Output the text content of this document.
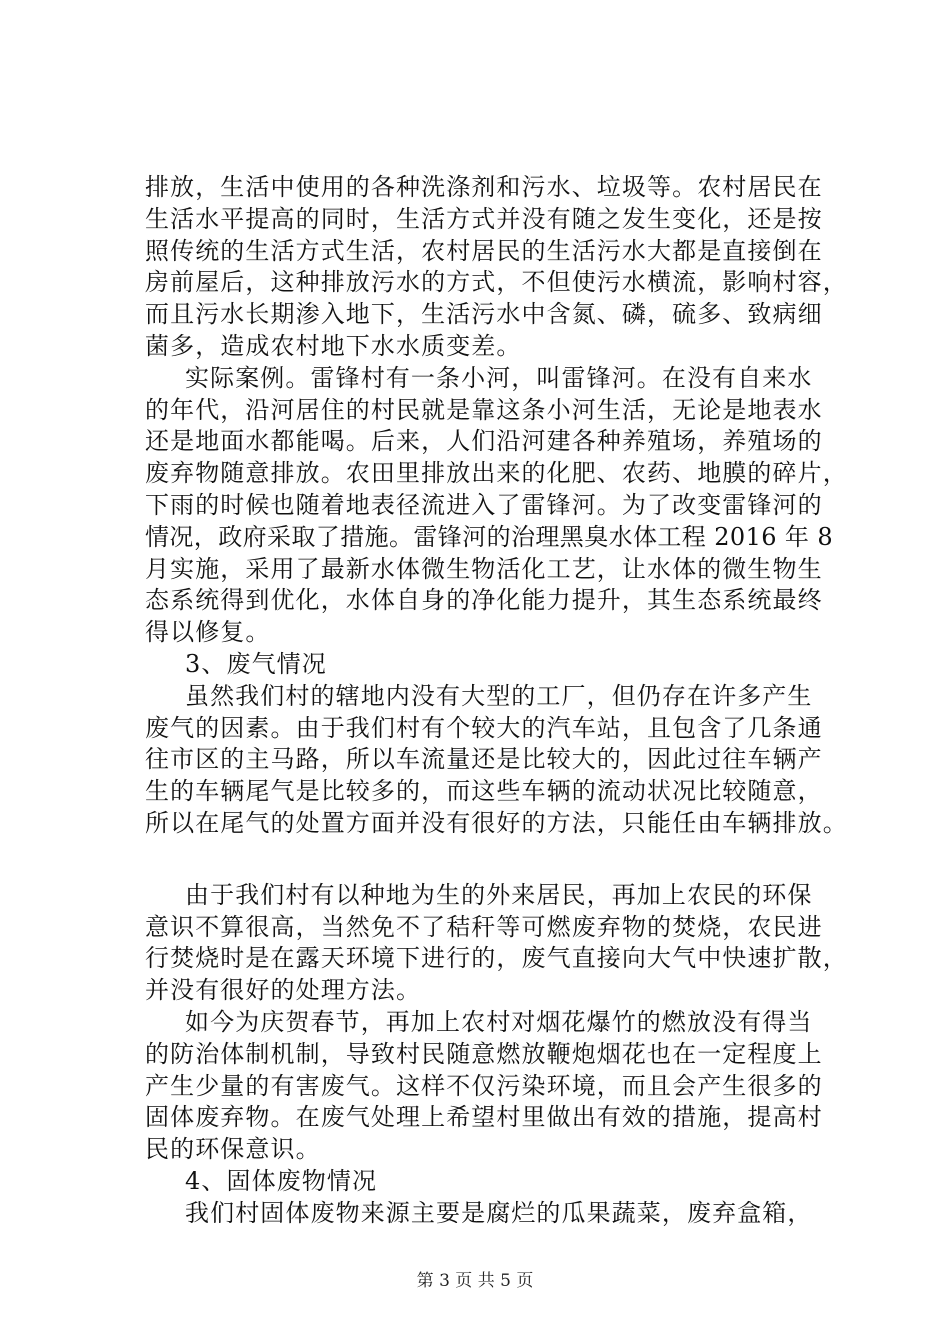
排放，生活中使用的各种洗涤剂和污水、垃圾等。农村居民在
生活水平提高的同时，生活方式并没有随之发生变化，还是按
照传统的生活方式生活，农村居民的生活污水大都是直接倒在
房前屋后，这种排放污水的方式，不但使污水横流，影响村容，
而且污水长期渗入地下，生活污水中含氮、磷，硫多、致病细
菌多，造成农村地下水水质变差。
实际案例。雷锋村有一条小河，叫雷锋河。在没有自来水
的年代，沿河居住的村民就是靠这条小河生活，无论是地表水
还是地面水都能喝。后来，人们沿河建各种养殖场，养殖场的
废弃物随意排放。农田里排放出来的化肥、农药、地膜的碎片，
下雨的时候也随着地表径流进入了雷锋河。为了改变雷锋河的
情况，政府采取了措施。雷锋河的治理黑臭水体工程 2016 年 8
月实施，采用了最新水体微生物活化工艺，让水体的微生物生
态系统得到优化，水体自身的净化能力提升，其生态系统最终
得以修复。
3、废气情况
虽然我们村的辖地内没有大型的工厂，但仍存在许多产生
废气的因素。由于我们村有个较大的汽车站，且包含了几条通
往市区的主马路，所以车流量还是比较大的，因此过往车辆产
生的车辆尾气是比较多的，而这些车辆的流动状况比较随意，
所以在尾气的处置方面并没有很好的方法，只能任由车辆排放。
由于我们村有以种地为生的外来居民，再加上农民的环保
意识不算很高，当然免不了秸秆等可燃废弃物的焚烧，农民进
行焚烧时是在露天环境下进行的，废气直接向大气中快速扩散，
并没有很好的处理方法。
如今为庆贺春节，再加上农村对烟花爆竹的燃放没有得当
的防治体制机制，导致村民随意燃放鞭炮烟花也在一定程度上
产生少量的有害废气。这样不仅污染环境，而且会产生很多的
固体废弃物。在废气处理上希望村里做出有效的措施，提高村
民的环保意识。
4、固体废物情况
我们村固体废物来源主要是腐烂的瓜果蔬菜，废弃盒箱，
第 3 页 共 5 页
